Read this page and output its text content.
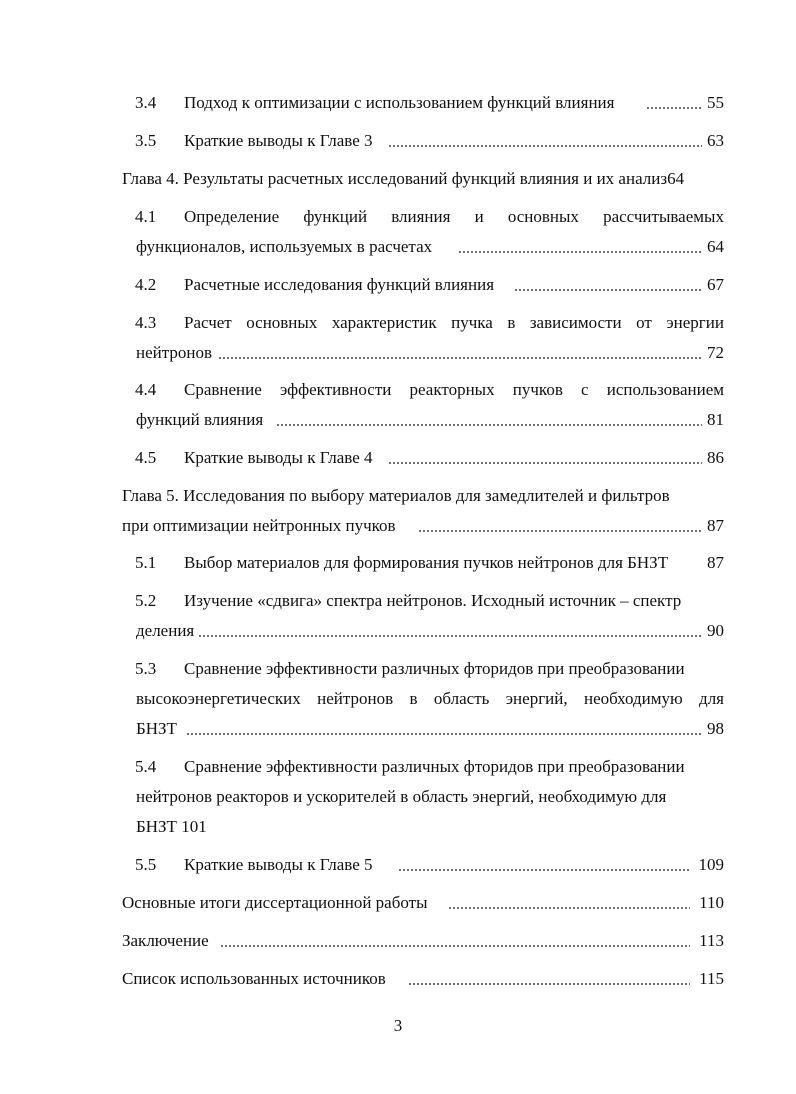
3.4 Подход к оптимизации с использованием функций влияния	55
3.5 Краткие выводы к Главе 3	63
Глава 4. Результаты расчетных исследований функций влияния и их анализ64
4.1 Определение функций влияния и основных рассчитываемых
функционалов, используемых в расчетах	64
4.2 Расчетные исследования функций влияния	67
4.3 Расчет основных характеристик пучка в зависимости от энергии
нейтронов	72
4.4 Сравнение эффективности реакторных пучков с использованием
функций влияния	81
4.5 Краткие выводы к Главе 4	86
Глава 5. Исследования по выбору материалов для замедлителей и фильтров
при оптимизации нейтронных пучков	87
5.1 Выбор материалов для формирования пучков нейтронов для БНЗТ 87
5.2 Изучение «сдвига» спектра нейтронов. Исходный источник – спектр
деления	90
5.3 Сравнение эффективности различных фторидов при преобразовании
высокоэнергетических нейтронов в область энергий, необходимую для
БНЗТ	98
5.4 Сравнение эффективности различных фторидов при преобразовании
нейтронов реакторов и ускорителей в область энергий, необходимую для
БНЗТ 101
5.5 Краткие выводы к Главе 5	109
Основные итоги диссертационной работы	110
Заключение	113
Список использованных источников	115
3
